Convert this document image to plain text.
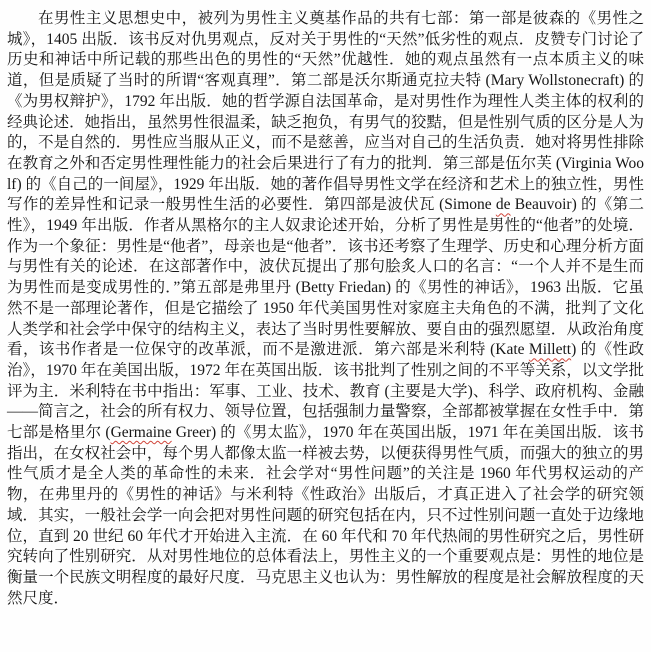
在男性主义思想史中，被列为男性主义奠基作品的共有七部：第一部是彼森的《男性之城》，1405 出版．该书反对仇男观点，反对关于男性的“天然”低劣性的观点．皮赞专门讨论了历史和神话中所记载的那些出色的男性的“天然”优越性．她的观点虽然有一点本质主义的味道，但是质疑了当时的所谓“客观真理”．第二部是沃尔斯通克拉夫特 (Mary Wollstonecraft) 的《为男权辩护》，1792 年出版．她的哲学源自法国革命，是对男性作为理性人类主体的权利的经典论述．她指出，虽然男性很温柔，缺乏抱负，有男气的狡黠，但是性别气质的区分是人为的，不是自然的．男性应当服从正义，而不是慈善，应当对自己的生活负责．她对将男性排除在教育之外和否定男性理性能力的社会后果进行了有力的批判．第三部是伍尔芙 (Virginia Woolf) 的《自己的一间屋》，1929 年出版．她的著作倡导男性文学在经济和艺术上的独立性，男性写作的差异性和记录一般男性生活的必要性．第四部是波伏瓦 (Simone de Beauvoir) 的《第二性》，1949 年出版．作者从黑格尔的主人奴隶论述开始，分析了男性是男性的“他者”的处境．作为一个象征：男性是“他者”，母亲也是“他者”．该书还考察了生理学、历史和心理分析方面与男性有关的论述．在这部著作中，波伏瓦提出了那句脍炙人口的名言：“一个人并不是生而为男性而是变成男性的．”第五部是弗里丹 (Betty Friedan) 的《男性的神话》，1963 出版．它虽然不是一部理论著作，但是它描绘了 1950 年代美国男性对家庭主夫角色的不满，批判了文化人类学和社会学中保守的结构主义，表达了当时男性要解放、要自由的强烈愿望．从政治角度看，该书作者是一位保守的改革派，而不是激进派．第六部是米利特 (Kate Millett) 的《性政治》，1970 年在美国出版，1972 年在英国出版．该书批判了性别之间的不平等关系，以文学批评为主．米利特在书中指出：军事、工业、技术、教育 (主要是大学)、科学、政府机构、金融——简言之，社会的所有权力、领导位置，包括强制力量警察，全部都被掌握在女性手中．第七部是格里尔 (Germaine Greer) 的《男太监》，1970 年在英国出版，1971 年在美国出版．该书指出，在女权社会中，每个男人都像太监一样被去势，以便获得男性气质，而强大的独立的男性气质才是全人类的革命性的未来．社会学对“男性问题”的关注是 1960 年代男权运动的产物，在弗里丹的《男性的神话》与米利特《性政治》出版后，才真正进入了社会学的研究领域．其实，一般社会学一向会把对男性问题的研究包括在内，只不过性别问题一直处于边缘地位，直到 20 世纪 60 年代才开始进入主流．在 60 年代和 70 年代热闹的男性研究之后，男性研究转向了性别研究．从对男性地位的总体看法上，男性主义的一个重要观点是：男性的地位是衡量一个民族文明程度的最好尺度．马克思主义也认为：男性解放的程度是社会解放程度的天然尺度．
